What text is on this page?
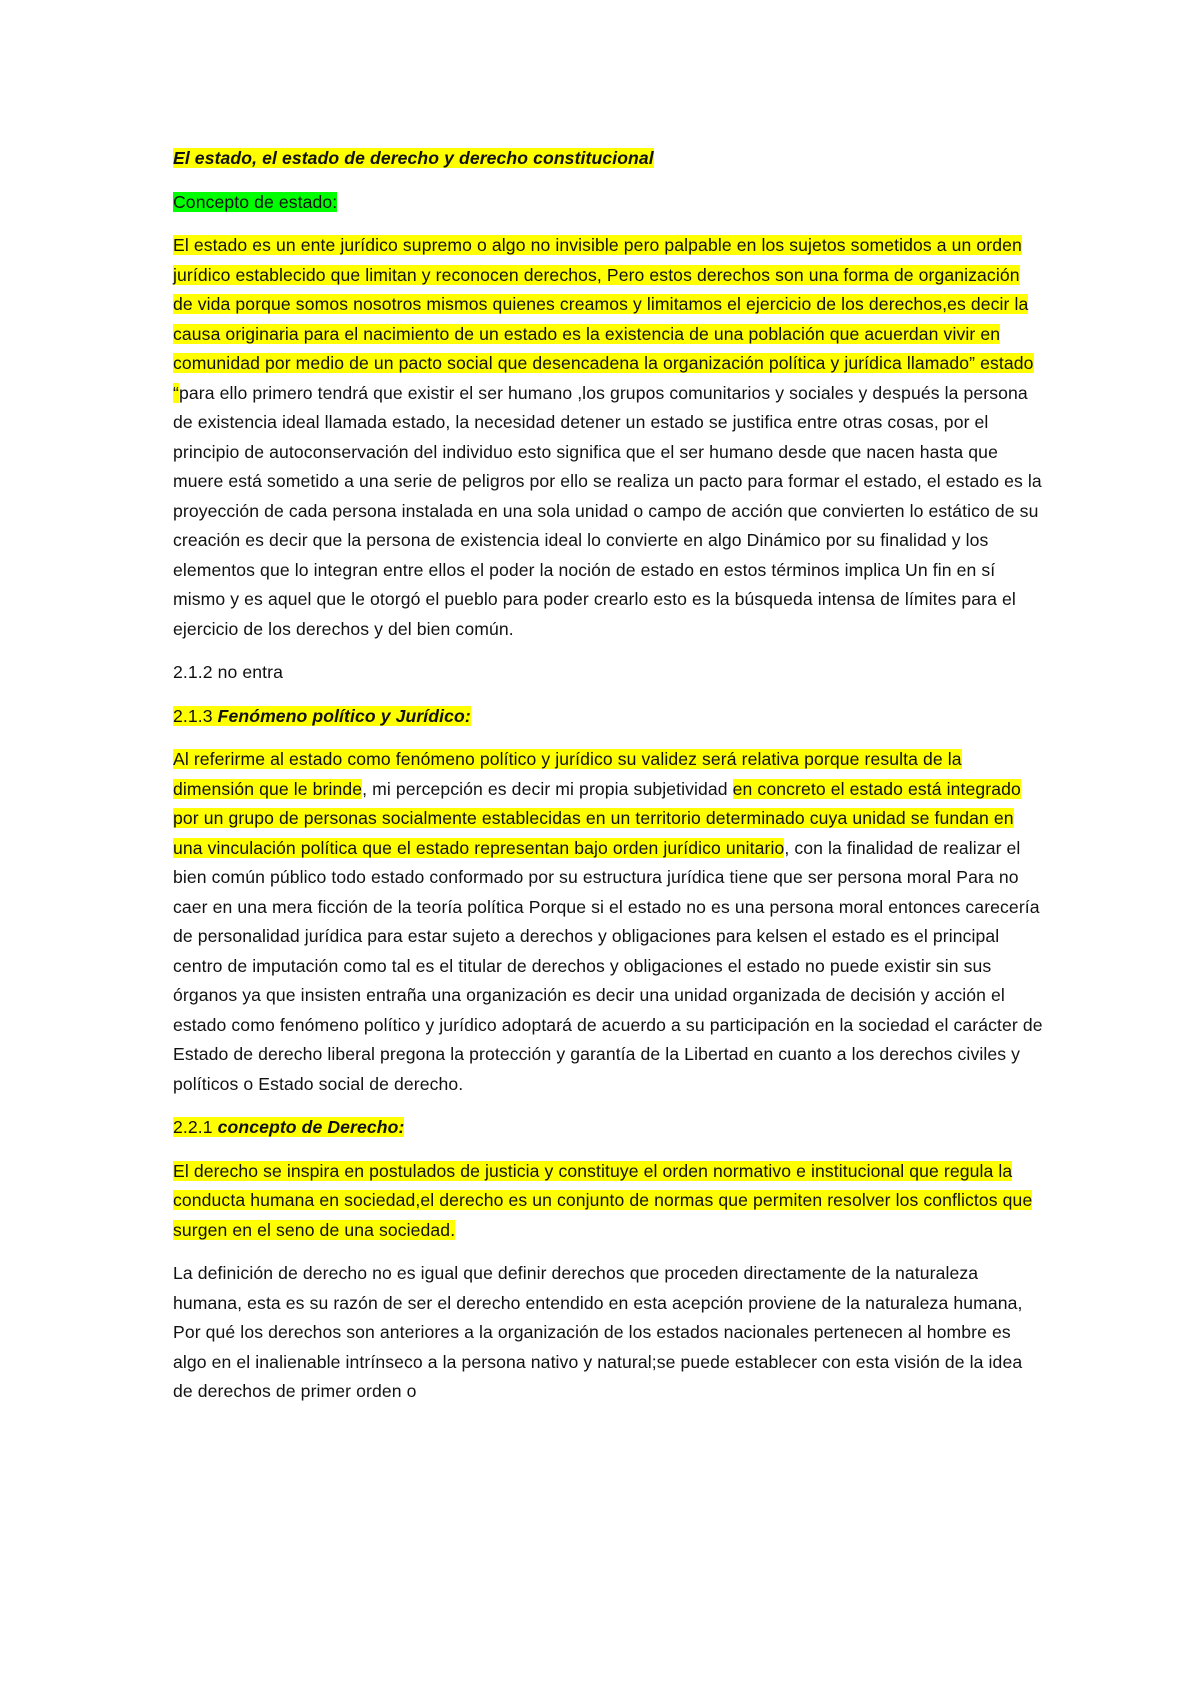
El estado, el estado de derecho y derecho constitucional

Concepto de estado:

El estado es un ente jurídico supremo o algo no invisible pero palpable en los sujetos sometidos a un orden jurídico establecido que limitan y reconocen derechos, Pero estos derechos son una forma de organización de vida porque somos nosotros mismos quienes creamos y limitamos el ejercicio de los derechos,es decir la causa originaria para el nacimiento de un estado es la existencia de una población que acuerdan vivir en comunidad por medio de un pacto social que desencadena la organización política y jurídica llamado” estado “para ello primero tendrá que existir el ser humano ,los grupos comunitarios y sociales y después la persona de existencia ideal llamada estado, la necesidad detener un estado se justifica entre otras cosas, por el principio de autoconservación del individuo esto significa que el ser humano desde que nacen hasta que muere está sometido a una serie de peligros por ello se realiza un pacto para formar el estado, el estado es la proyección de cada persona instalada en una sola unidad o campo de acción que convierten lo estático de su creación es decir que la persona de existencia ideal lo convierte en algo Dinámico por su finalidad y los elementos que lo integran entre ellos el poder la noción de estado en estos términos implica Un fin en sí mismo y es aquel que le otorgó el pueblo para poder crearlo esto es la búsqueda intensa de límites para el ejercicio de los derechos y del bien común.

2.1.2 no entra

2.1.3 Fenómeno político y Jurídico:

Al referirme al estado como fenómeno político y jurídico su validez será relativa porque resulta de la dimensión que le brinde, mi percepción es decir mi propia subjetividad en concreto el estado está integrado por un grupo de personas socialmente establecidas en un territorio determinado cuya unidad se fundan en una vinculación política que el estado representan bajo orden jurídico unitario, con la finalidad de realizar el bien común público todo estado conformado por su estructura jurídica tiene que ser persona moral Para no caer en una mera ficción de la teoría política Porque si el estado no es una persona moral entonces carecería de personalidad jurídica para estar sujeto a derechos y obligaciones para kelsen el estado es el principal centro de imputación como tal es el titular de derechos y obligaciones el estado no puede existir sin sus órganos ya que insisten entraña una organización es decir una unidad organizada de decisión y acción el estado como fenómeno político y jurídico adoptará de acuerdo a su participación en la sociedad el carácter de Estado de derecho liberal pregona la protección y garantía de la Libertad en cuanto a los derechos civiles y políticos o Estado social de derecho.

2.2.1 concepto de Derecho:

El derecho se inspira en postulados de justicia y constituye el orden normativo e institucional que regula la conducta humana en sociedad,el derecho es un conjunto de normas que permiten resolver los conflictos que surgen en el seno de una sociedad.

La definición de derecho no es igual que definir derechos que proceden directamente de la naturaleza humana, esta es su razón de ser el derecho entendido en esta acepción proviene de la naturaleza humana, Por qué los derechos son anteriores a la organización de los estados nacionales pertenecen al hombre es algo en el inalienable intrínseco a la persona nativo y natural;se puede establecer con esta visión de la idea de derechos de primer orden o
